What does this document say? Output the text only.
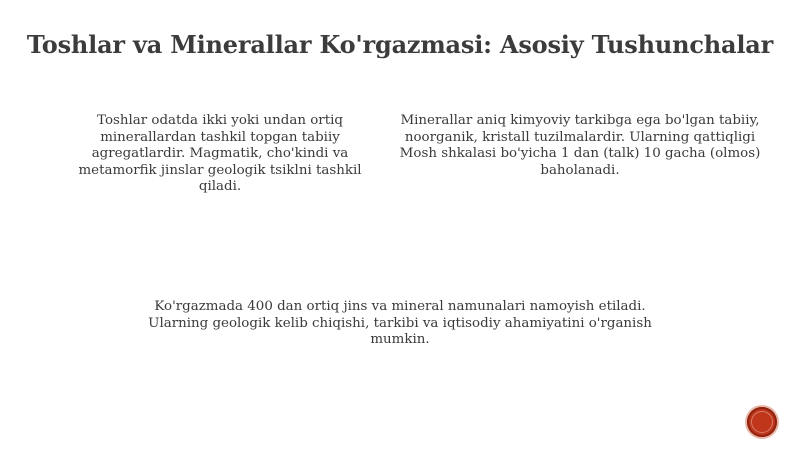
Toshlar va Minerallar Ko'rgazmasi: Asosiy Tushunchalar
Toshlar odatda ikki yoki undan ortiq minerallardan tashkil topgan tabiiy agregatlardir. Magmatik, cho'kindi va metamorfik jinslar geologik tsiklni tashkil qiladi.
Minerallar aniq kimyoviy tarkibga ega bo'lgan tabiiy, noorganik, kristall tuzilmalardir. Ularning qattiqligi Mosh shkalasi bo'yicha 1 dan (talk) 10 gacha (olmos) baholanadi.
Ko'rgazmada 400 dan ortiq jins va mineral namunalari namoyish etiladi. Ularning geologik kelib chiqishi, tarkibi va iqtisodiy ahamiyatini o'rganish mumkin.
